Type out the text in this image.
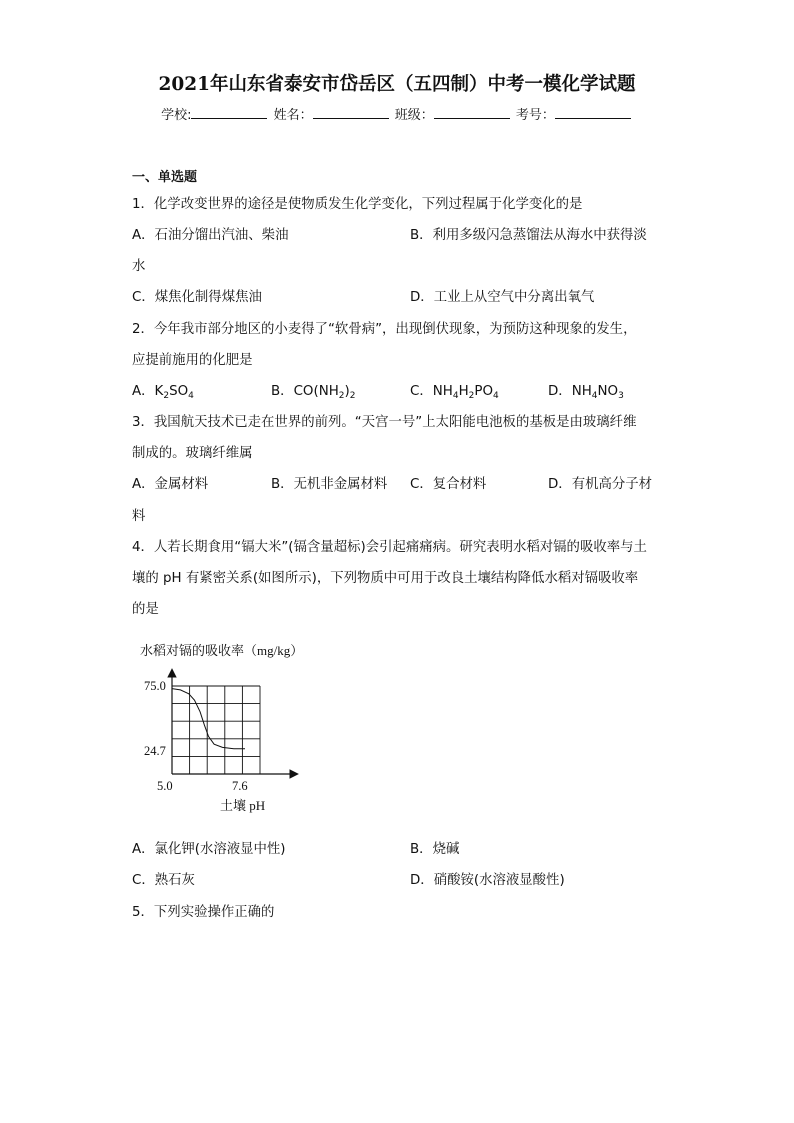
2021年山东省泰安市岱岳区（五四制）中考一模化学试题
学校:	姓名：	班级：	考号：
一、单选题
1．化学改变世界的途径是使物质发生化学变化，下列过程属于化学变化的是
A．石油分馏出汽油、柴油	B．利用多级闪急蒸馏法从海水中获得淡
水
C．煤焦化制得煤焦油	D．工业上从空气中分离出氧气
2．今年我市部分地区的小麦得了“软骨病”，出现倒伏现象，为预防这种现象的发生，
应提前施用的化肥是
A．$K_2SO_4$	B．$CO(NH_2)_2$	C．$NH_4H_2PO_4$	D．$NH_4NO_3$
3．我国航天技术已走在世界的前列。“天宫一号”上太阳能电池板的基板是由玻璃纤维
制成的。玻璃纤维属
A．金属材料	B．无机非金属材料 C．复合材料	D．有机高分子材
料
4．人若长期食用“镉大米”(镉含量超标)会引起痛痛病。研究表明水稻对镉的吸收率与土
壤的 pH 有紧密关系(如图所示)，下列物质中可用于改良土壤结构降低水稻对镉吸收率
的是
水稻对镉的吸收率（mg/kg）
75.0
24.7
5.0	7.6
土壤 pH
A．氯化钾(水溶液显中性)	B．烧碱
C．熟石灰	D．硝酸铵(水溶液显酸性)
5．下列实验操作正确的
